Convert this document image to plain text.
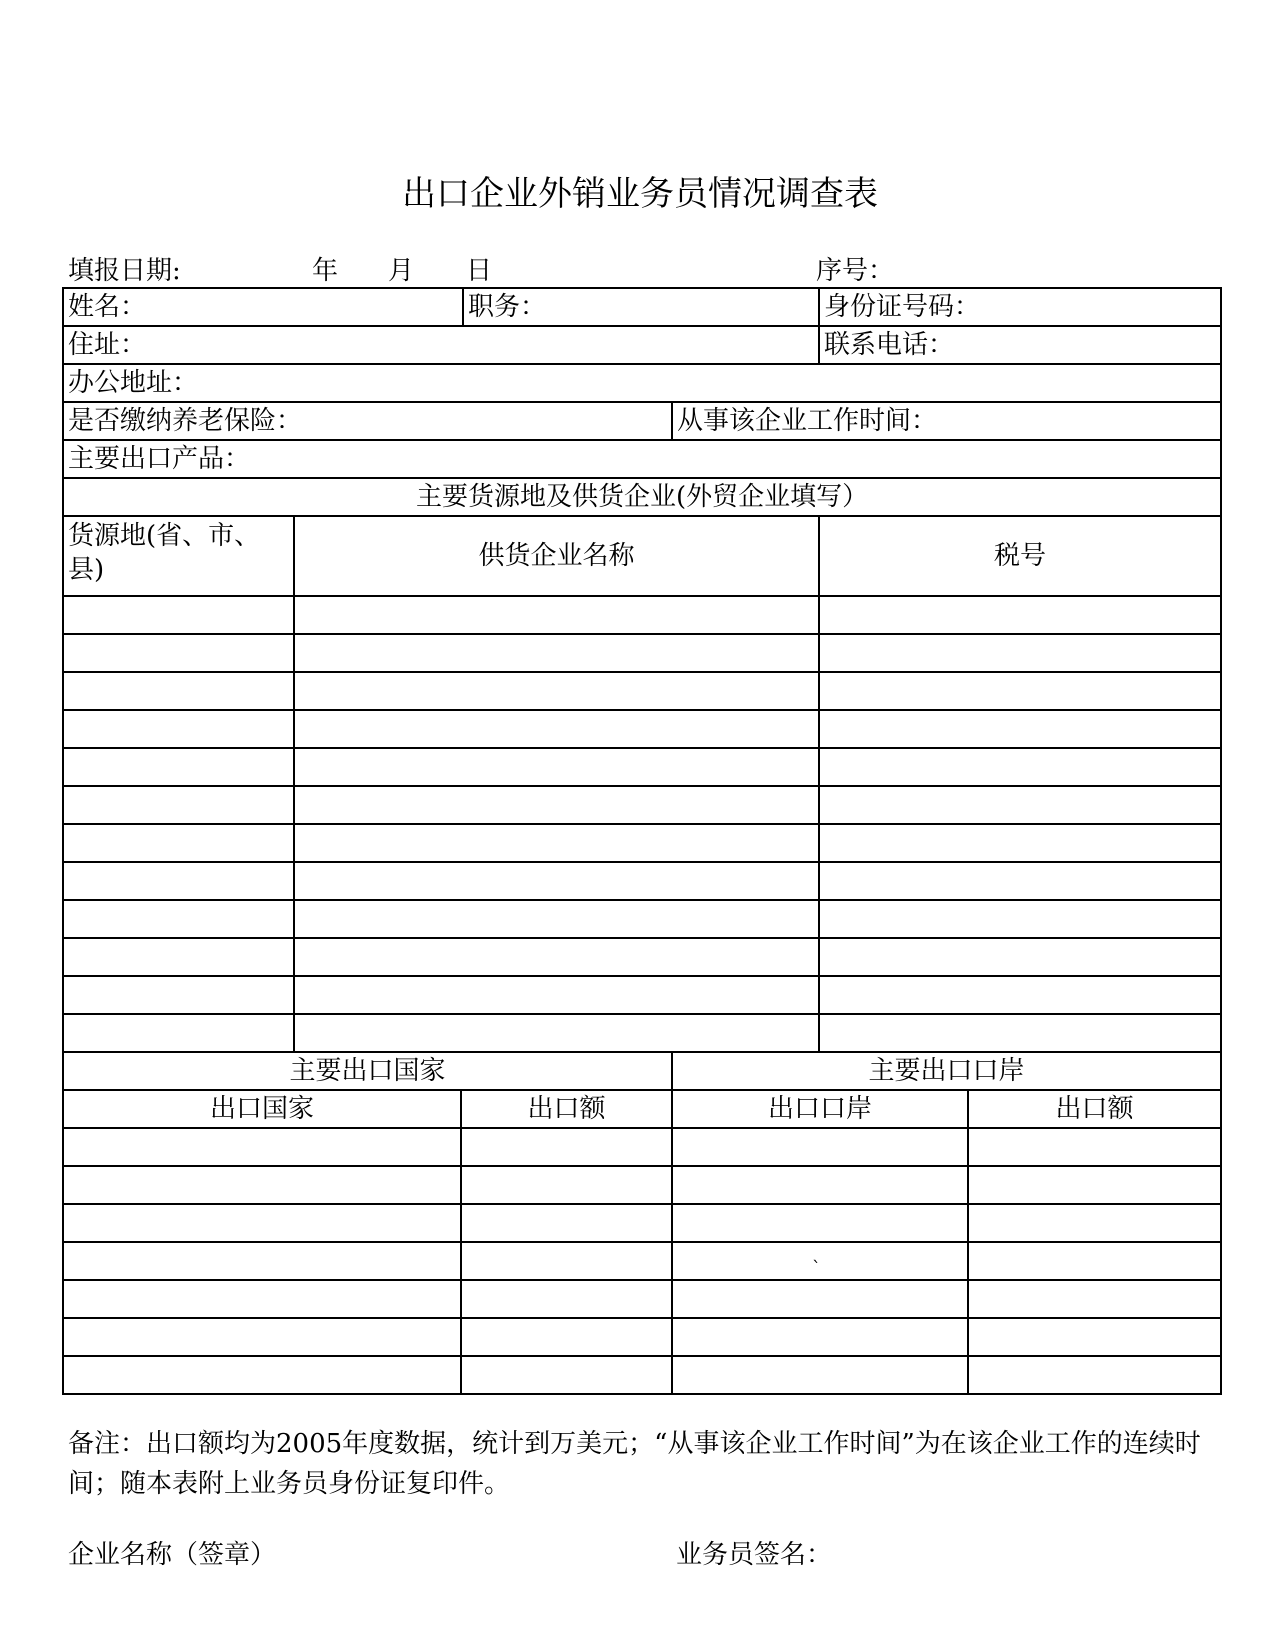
出口企业外销业务员情况调查表
填报日期:	年 月 日	序号：
姓名：			职务：		身份证号码：	
住址：					联系电话：	
办公地址：						
是否缴纳养老保险：				从事该企业工作时间：		
主要出口产品：						
主要货源地及供货企业(外贸企业填写）						
货源地(省、市、县)	供货企业名称				税号	

主要出口国家				主要出口口岸		
出口国家		出口额		出口口岸		出口额

`
备注：出口额均为2005年度数据，统计到万美元；“从事该企业工作时间”为在该企业工作的连续时间；随本表附上业务员身份证复印件。
企业名称（签章）	业务员签名：
